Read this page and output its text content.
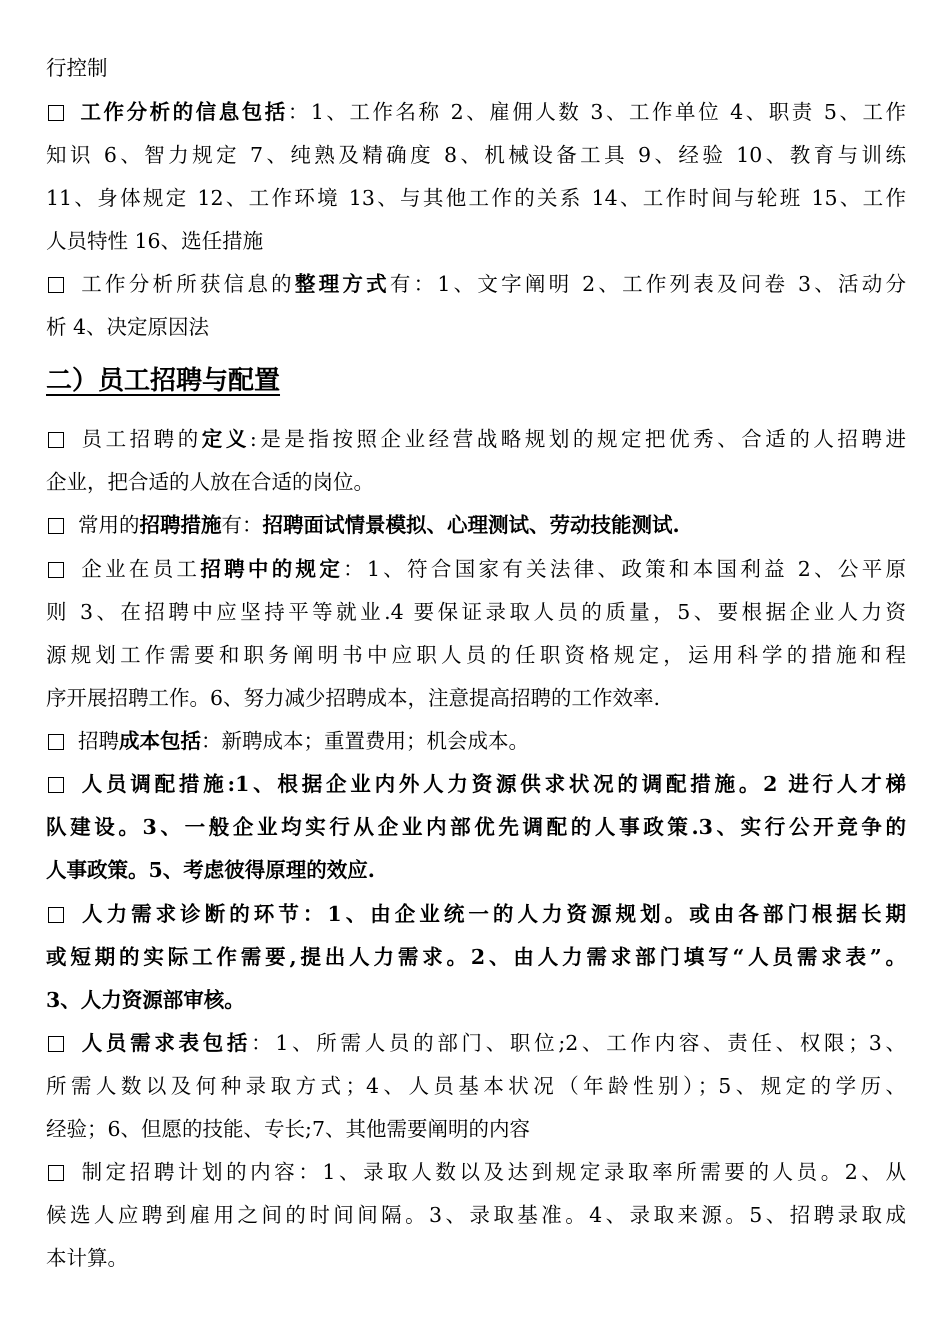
二）员工招聘与配置
行控制
工作分析的信息包括：1、工作名称 2、雇佣人数 3、工作单位 4、职责 5、工作
知识 6、智力规定 7、纯熟及精确度 8、机械设备工具 9、经验 10、教育与训练
11、身体规定 12、工作环境 13、与其他工作的关系 14、工作时间与轮班 15、工作
人员特性 16、选任措施
工作分析所获信息的整理方式有：1、文字阐明 2、工作列表及问卷 3、活动分
析 4、决定原因法
员工招聘的定义:是是指按照企业经营战略规划的规定把优秀、合适的人招聘进
企业，把合适的人放在合适的岗位。
常用的招聘措施有：招聘面试情景模拟、心理测试、劳动技能测试.
企业在员工招聘中的规定：1、符合国家有关法律、政策和本国利益 2、公平原
则 3、在招聘中应坚持平等就业.4 要保证录取人员的质量，5、要根据企业人力资
源规划工作需要和职务阐明书中应职人员的任职资格规定，运用科学的措施和程
序开展招聘工作。6、努力减少招聘成本，注意提高招聘的工作效率.
招聘成本包括：新聘成本；重置费用；机会成本。
人员调配措施:1、根据企业内外人力资源供求状况的调配措施。2 进行人才梯
队建设。3、一般企业均实行从企业内部优先调配的人事政策.3、实行公开竞争的
人事政策。5、考虑彼得原理的效应.
人力需求诊断的环节：1、由企业统一的人力资源规划。或由各部门根据长期
或短期的实际工作需要,提出人力需求。2、由人力需求部门填写“人员需求表”。
3、人力资源部审核。
人员需求表包括：1、所需人员的部门、职位;2、工作内容、责任、权限；3、
所需人数以及何种录取方式；4、人员基本状况（年龄性别）；5、规定的学历、
经验；6、但愿的技能、专长;7、其他需要阐明的内容
制定招聘计划的内容：1、录取人数以及达到规定录取率所需要的人员。2、从
候选人应聘到雇用之间的时间间隔。3、录取基准。4、录取来源。5、招聘录取成
本计算。
